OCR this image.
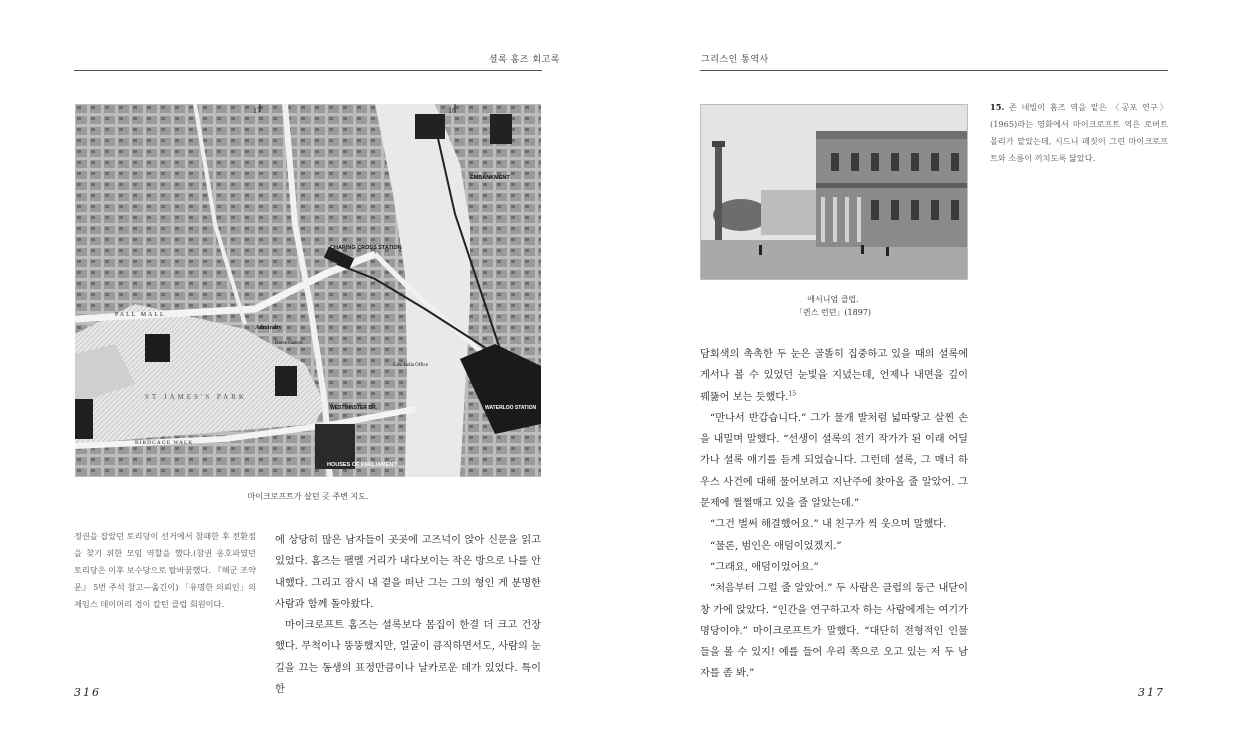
셜록 홈즈 회고록
17	18
CHARING CROSS STATION
Admiralty
Horse Guards
Gov. India Office
HOUSES OF PARLIAMENT
ST JAMES'S PARK
WATERLOO STATION
EMBANKMENT
WESTMINSTER BR.
PALL MALL
BIRDCAGE WALK
마이크로프트가 살던 곳 주변 지도.
정권을 잡았던 토리당이 선거에서 참패한 후 전환점을 찾기 위한 모임 역할을 했다.(참권 옹호파였던 토리당은 이후 보수당으로 탈바꿈했다. 『해군 조약문』 5번 주석 참고—옮긴이) 「유명한 의뢰인」의 제임스 데이머리 경이 칼턴 클럽 회원이다.

에 상당히 많은 남자들이 곳곳에 고즈넉이 앉아 신문을 읽고 있었다. 홈즈는 팰멜 거리가 내다보이는 작은 방으로 나를 안내했다. 그리고 잠시 내 곁을 떠난 그는 그의 형인 게 분명한 사람과 함께 돌아왔다.

마이크로프트 홈즈는 셜록보다 몸집이 한결 더 크고 건장했다. 무척이나 뚱뚱했지만, 얼굴이 큼직하면서도, 사람의 눈길을 끄는 동생의 표정만큼이나 날카로운 데가 있었다. 특이한

316
그리스인 통역사
애서니엄 클럽.
「퀸스 런던」(1897)
15. 존 네빌이 홈즈 역을 맡은 〈공포 연구〉(1965)라는 영화에서 마이크로프트 역은 로버트 몰리가 맡았는데, 시드니 패짓이 그린 마이크로프트와 소름이 끼치도록 닮았다.

담회색의 촉촉한 두 눈은 골똘히 집중하고 있을 때의 셜록에게서나 볼 수 있었던 눈빛을 지녔는데, 언제나 내면을 깊이 꿰뚫어 보는 듯했다.$^{15}$

“만나서 반갑습니다.” 그가 물개 발처럼 넓따랗고 살찐 손을 내밀며 말했다. “선생이 셜록의 전기 작가가 된 이래 어딜 가나 셜록 얘기를 듣게 되었습니다. 그런데 셜록, 그 매너 하우스 사건에 대해 물어보려고 지난주에 찾아올 줄 알았어. 그 문제에 쩔쩔매고 있을 줄 알았는데.”

“그건 벌써 해결했어요.” 내 친구가 씩 웃으며 말했다.

“물론, 범인은 애덤이었겠지.”

“그래요, 애덤이었어요.”

“처음부터 그럴 줄 알았어.” 두 사람은 클럽의 둥근 내닫이 창 가에 앉았다. “인간을 연구하고자 하는 사람에게는 여기가 명당이야.” 마이크로프트가 말했다. “대단히 전형적인 인물들을 볼 수 있지! 예를 들어 우리 쪽으로 오고 있는 저 두 남자를 좀 봐.”

317
